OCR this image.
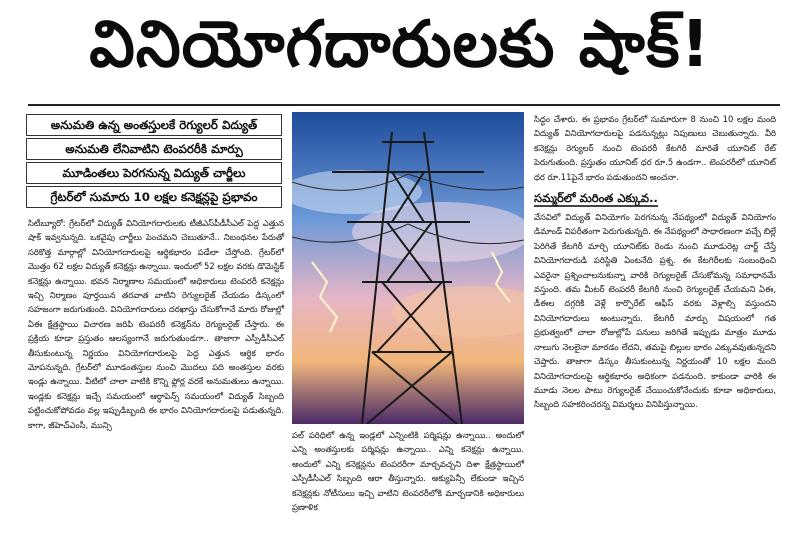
వినియోగదారులకు షాక్!

అనుమతి ఉన్న అంతస్తులకే రెగ్యులర్ విద్యుత్

అనుమతి లేనివాటిని టెంపరరీకి మార్పు

మూడింతలు పెరగనున్న విద్యుత్ చార్జీలు

గ్రేటర్‌లో సుమారు 10 లక్షల కనెక్షన్లపై ప్రభావం

సిటీబ్యూరో: గ్రేటర్‌లో విద్యుత్ వినియోగదారులకు టీజీఎస్‌పీడీసీఎల్ పెద్ద ఎత్తున షాక్ ఇవ్వనున్నది. ఒకవైపు చార్జీలు పెంచమని చెబుతూనే.. నిబంధనల పేరుతో సరికొత్త మార్గాల్లో వినియోగదారులపై ఆర్థికభారం పడేలా చేస్తోంది. గ్రేటర్‌లో మొత్తం 62 లక్షల విద్యుత్ కనెక్షన్లు ఉన్నాయి. ఇందులో 52 లక్షల వరకు డొమెస్టిక్ కనెక్షన్లు ఉన్నాయి. భవన నిర్మాణాల సమయంలో అధికారులు టెంపరరీ కనెక్షన్లు ఇచ్చి నిర్మాణం పూర్తయిన తరవాత వాటిని రెగ్యులరైజ్ చేయడం డిస్కంలో సహజంగా జరుగుతుంది. వినియోగదారులు దరఖాస్తు చేసుకోగానే మారు రోజుల్లో ఏఈ క్షేత్రస్థాయి విచారణ జరిపి టెంపరరీ కనెక్షన్‌ను రెగ్యులరైజ్ చేస్తారు. ఈ ప్రక్రియ కూడా ప్రస్తుతం ఆలస్యంగానే జరుగుతుండగా.. తాజాగా ఎస్పీడీసీఎల్ తీసుకుంటున్న నిర్ణయం వినియోగదారులపై పెద్ద ఎత్తున ఆర్థిక భారం మోపనున్నది. గ్రేటర్‌లో మూడంతస్తుల నుంచి మొదలు పది అంతస్తుల వరకు ఇండ్లు ఉన్నాయి. వీటిలో చాలా వాటికి కొన్ని ఫ్లోర్ల వరకే అనుమతులు ఉన్నాయి. ఇండ్లకు కనెక్షన్లు ఇచ్చే సమయంలో ఆర్ధాపెన్స్ సమయంలో విద్యుత్ సిబ్బంది పట్టించుకోపోవడం వల్ల ఇప్పుడిబ్బంది ఈ భారం వినియోగదారులపై పడుతున్నది. కాగా, జీహెచ్‌ఎంసీ, మున్సి

పల్ పరిధిలో ఉన్న ఇండ్లలో ఎన్నింటికి పర్మిషన్లు ఉన్నాయి.. అందులో ఎన్ని అంతస్తులకు పర్మిషన్లు ఉన్నాయి.. ఎన్ని కనెక్షన్లు ఉన్నాయి. అందులో ఎన్ని కనెక్షన్లను టెంపరరీగా మార్చవచ్చని దిశా క్షేత్రస్థాయిలో ఎస్పీడీసీఎల్ సిబ్బంది ఆరా తీస్తున్నారు. అక్యుపెన్సీ లేకుండా ఇచ్చిన కనెక్షన్లకు నోటీసులు ఇచ్చి వాటిని టెంపరరీలోకి మార్చడానికి అధికారులు ప్రణాళిక

సిద్ధం చేశారు. ఈ ప్రభావం గ్రేటర్‌లో సుమారుగా 8 నుంచి 10 లక్షల మంది విద్యుత్ వినియోగదారులపై పడనున్నట్లు నిపుణులు చెబుతున్నారు. వీరి కనెక్షన్లు రెగ్యులర్ నుంచి టెంపరరీ కేటగిరీ మారితే యూనిట్ రేట్ పెరుగుతుంది. ప్రస్తుతం యూనిట్ ధర రూ.5 ఉండగా.. టెంపరరీలో యూనిట్ ధర రూ.11పైనే భారం పడుతుందని అంచనా.

సమ్మర్‌లో మరింత ఎక్కువ..

వేసవిలో విద్యుత్ వినియోగం పెరగనున్న నేపథ్యంలో విద్యుత్ వినియోగం డిమాండ్ విపరీతంగా పెరుగుతున్నది. ఈ నేపథ్యంలో సాధారణంగా వచ్చే బిల్లే పెరిగితే కేటగిరీ మార్చి యూనిట్‌కు రెండు నుంచి మూడురెట్ల చార్జ్ చేస్తే వినియోగదారుడి పరిస్థితి ఏంటనేది ప్రశ్న. ఈ కేటగిరీలకు సంబంధించి ఎవరైనా ప్రశ్నించాలనుకున్నా వారికి రెగ్యులరైజ్ చేసుకోమన్న సమాధానమే వస్తుంది. తమ మీటర్ టెంపరరీ కేటగిరీ నుంచి రెగ్యులరైజ్ చేయమని ఏఈ, డీఈల దగ్గరికి వెళ్లే కార్పొరేట్ ఆఫీస్ వరకు వెళ్లాల్సి వస్తుందని వినియోగదారులు అంటున్నారు. కేటగిరీ మార్పు విషయంలో గత ప్రభుత్వంలో చాలా రోజుల్లోపే పనులు జరిగితే ఇప్పుడు మాత్రం మూడు నాలుగు నెలలైనా మారడం లేదని, తమపై బిల్లుల భారం ఎక్కువవుతున్నదని చెప్తారు. తాజాగా డిస్కం తీసుకుంటున్న నిర్ణయంతో 10 లక్షల మంది వినియోగదారులపై ఆర్థికభారం అధికంగా పడనుంది. కాకుండా వారికి ఈ మూడు నెలల పాటు రెగ్యులరైజ్ చేయించుకోనేందుకు కూడా అధికారులు, సిబ్బంది సహకరించరన్న విమర్శలు వినిపిస్తున్నాయి.
